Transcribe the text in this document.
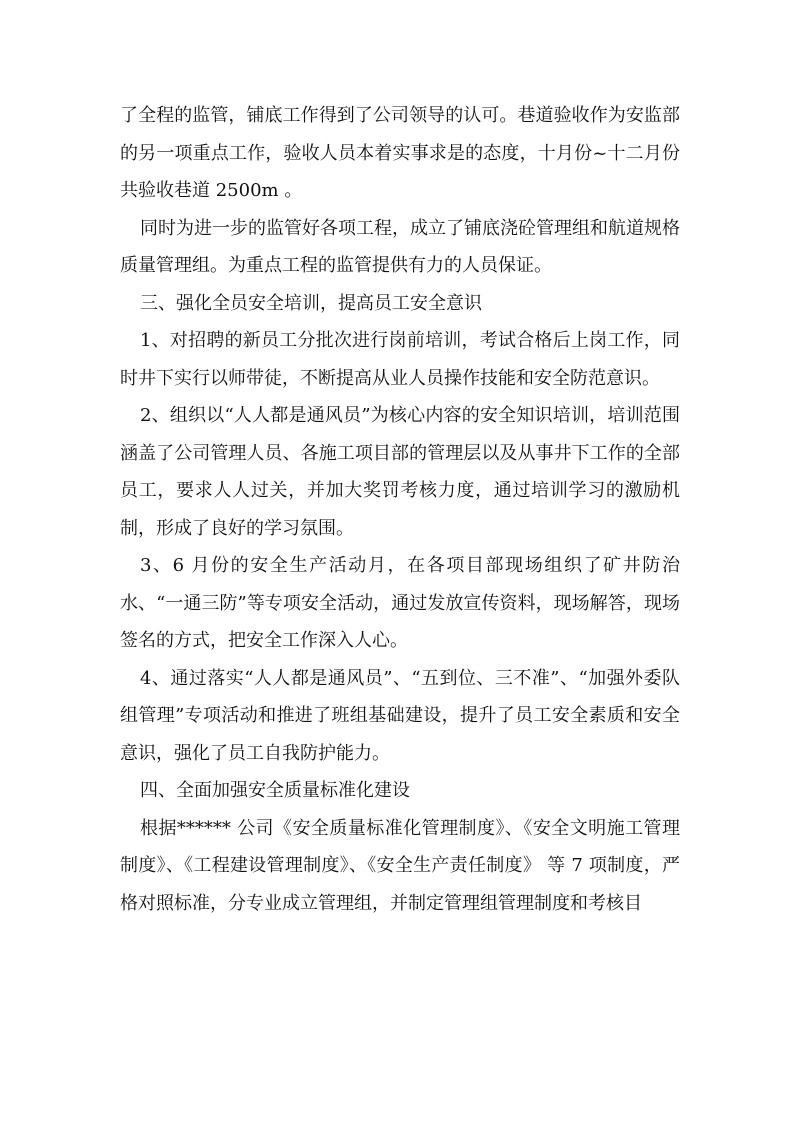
了全程的监管，铺底工作得到了公司领导的认可。巷道验收作为安监部的另一项重点工作，验收人员本着实事求是的态度，十月份~十二月份共验收巷道 2500m 。

同时为进一步的监管好各项工程，成立了铺底浇砼管理组和航道规格质量管理组。为重点工程的监管提供有力的人员保证。

三、强化全员安全培训，提高员工安全意识

1、对招聘的新员工分批次进行岗前培训，考试合格后上岗工作，同时井下实行以师带徒，不断提高从业人员操作技能和安全防范意识。

2、组织以“人人都是通风员”为核心内容的安全知识培训，培训范围涵盖了公司管理人员、各施工项目部的管理层以及从事井下工作的全部员工，要求人人过关，并加大奖罚考核力度，通过培训学习的激励机制，形成了良好的学习氛围。

3、6 月份的安全生产活动月，在各项目部现场组织了矿井防治水、“一通三防”等专项安全活动，通过发放宣传资料，现场解答，现场签名的方式，把安全工作深入人心。

4、通过落实“人人都是通风员”、“五到位、三不准”、“加强外委队组管理”专项活动和推进了班组基础建设，提升了员工安全素质和安全意识，强化了员工自我防护能力。

四、全面加强安全质量标准化建设

根据****** 公司《安全质量标准化管理制度》、《安全文明施工管理制度》、《工程建设管理制度》、《安全生产责任制度》 等 7 项制度，严格对照标准，分专业成立管理组，并制定管理组管理制度和考核目
